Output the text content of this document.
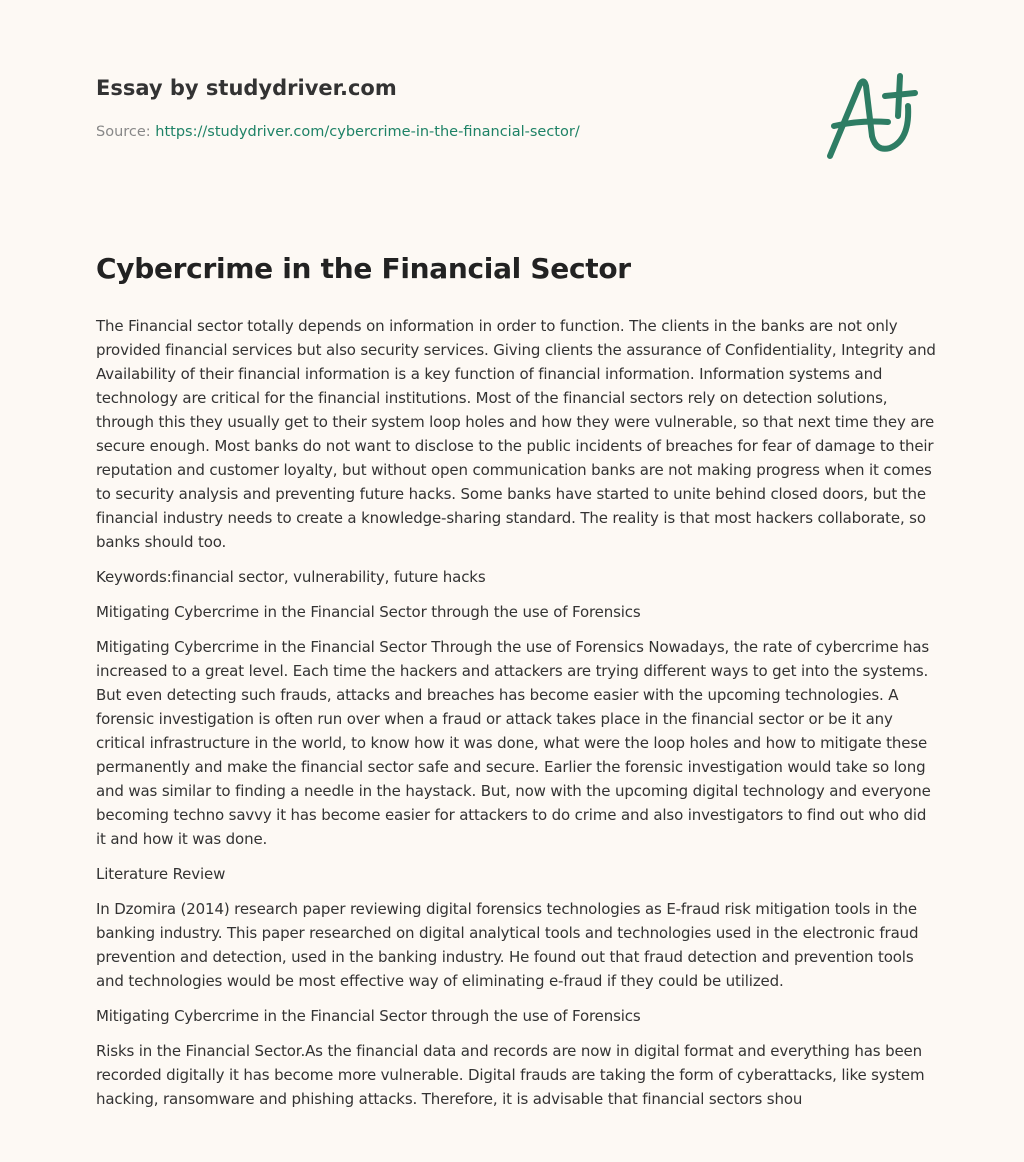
Essay by studydriver.com
Source: https://studydriver.com/cybercrime-in-the-financial-sector/
Cybercrime in the Financial Sector

The Financial sector totally depends on information in order to function. The clients in the banks are not only provided financial services but also security services. Giving clients the assurance of Confidentiality, Integrity and Availability of their financial information is a key function of financial information. Information systems and technology are critical for the financial institutions. Most of the financial sectors rely on detection solutions, through this they usually get to their system loop holes and how they were vulnerable, so that next time they are secure enough. Most banks do not want to disclose to the public incidents of breaches for fear of damage to their reputation and customer loyalty, but without open communication banks are not making progress when it comes to security analysis and preventing future hacks. Some banks have started to unite behind closed doors, but the financial industry needs to create a knowledge-sharing standard. The reality is that most hackers collaborate, so banks should too.

Keywords:financial sector, vulnerability, future hacks

Mitigating Cybercrime in the Financial Sector through the use of Forensics

Mitigating Cybercrime in the Financial Sector Through the use of Forensics Nowadays, the rate of cybercrime has increased to a great level. Each time the hackers and attackers are trying different ways to get into the systems. But even detecting such frauds, attacks and breaches has become easier with the upcoming technologies. A forensic investigation is often run over when a fraud or attack takes place in the financial sector or be it any critical infrastructure in the world, to know how it was done, what were the loop holes and how to mitigate these permanently and make the financial sector safe and secure. Earlier the forensic investigation would take so long and was similar to finding a needle in the haystack. But, now with the upcoming digital technology and everyone becoming techno savvy it has become easier for attackers to do crime and also investigators to find out who did it and how it was done.

Literature Review

In Dzomira (2014) research paper reviewing digital forensics technologies as E-fraud risk mitigation tools in the banking industry. This paper researched on digital analytical tools and technologies used in the electronic fraud prevention and detection, used in the banking industry. He found out that fraud detection and prevention tools and technologies would be most effective way of eliminating e-fraud if they could be utilized.

Mitigating Cybercrime in the Financial Sector through the use of Forensics

Risks in the Financial Sector.As the financial data and records are now in digital format and everything has been recorded digitally it has become more vulnerable. Digital frauds are taking the form of cyberattacks, like system hacking, ransomware and phishing attacks. Therefore, it is advisable that financial sectors shou
